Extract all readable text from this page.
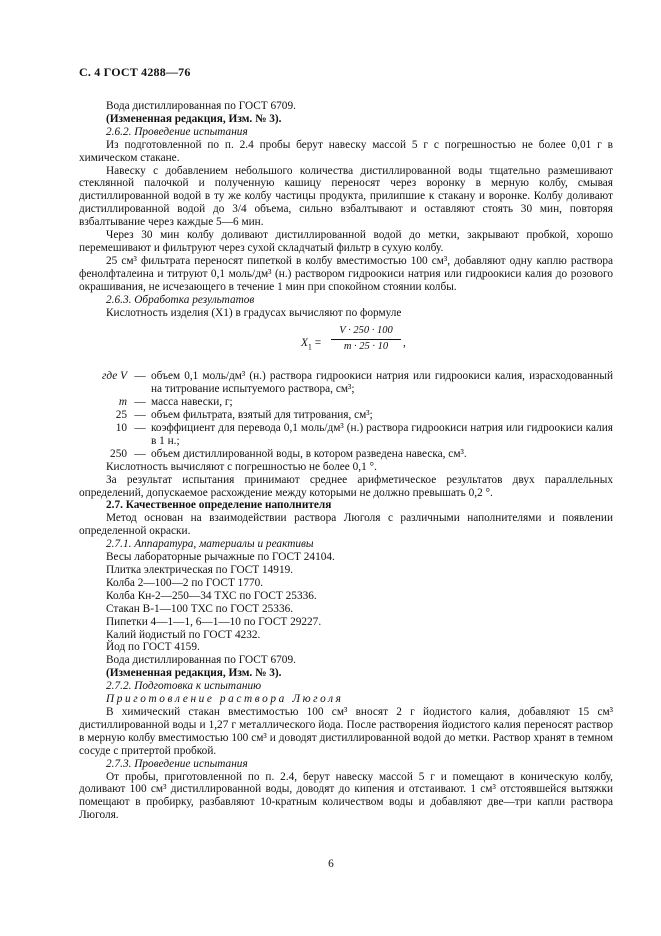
С. 4 ГОСТ 4288—76

Вода дистиллированная по ГОСТ 6709.

(Измененная редакция, Изм. № 3).

2.6.2. Проведение испытания

Из подготовленной по п. 2.4 пробы берут навеску массой 5 г с погрешностью не более 0,01 г в химическом стакане.

Навеску с добавлением небольшого количества дистиллированной воды тщательно размешивают стеклянной палочкой и полученную кашицу переносят через воронку в мерную колбу, смывая дистиллированной водой в ту же колбу частицы продукта, прилипшие к стакану и воронке. Колбу доливают дистиллированной водой до 3/4 объема, сильно взбалтывают и оставляют стоять 30 мин, повторяя взбалтывание через каждые 5—6 мин.

Через 30 мин колбу доливают дистиллированной водой до метки, закрывают пробкой, хорошо перемешивают и фильтруют через сухой складчатый фильтр в сухую колбу.

25 см³ фильтрата переносят пипеткой в колбу вместимостью 100 см³, добавляют одну каплю раствора фенолфталеина и титруют 0,1 моль/дм³ (н.) раствором гидроокиси натрия или гидроокиси калия до розового окрашивания, не исчезающего в течение 1 мин при спокойном стоянии колбы.

2.6.3. Обработка результатов

Кислотность изделия (X1) в градусах вычисляют по формуле

$X_1 = \frac{V \cdot 250 \cdot 100}{m \cdot 25 \cdot 10}$ ,
где V — объем 0,1 моль/дм³ (н.) раствора гидроокиси натрия или гидроокиси калия, израсходованный на титрование испытуемого раствора, см³;
m — масса навески, г;
25 — объем фильтрата, взятый для титрования, см³;
10 — коэффициент для перевода 0,1 моль/дм³ (н.) раствора гидроокиси натрия или гидроокиси калия в 1 н.;
250 — объем дистиллированной воды, в котором разведена навеска, см³.

Кислотность вычисляют с погрешностью не более 0,1 °.

За результат испытания принимают среднее арифметическое результатов двух параллельных определений, допускаемое расхождение между которыми не должно превышать 0,2 °.

2.7. Качественное определение наполнителя

Метод основан на взаимодействии раствора Люголя с различными наполнителями и появлении определенной окраски.

2.7.1. Аппаратура, материалы и реактивы

Весы лабораторные рычажные по ГОСТ 24104.

Плитка электрическая по ГОСТ 14919.

Колба 2—100—2 по ГОСТ 1770.

Колба Кн-2—250—34 ТХС по ГОСТ 25336.

Стакан В-1—100 ТХС по ГОСТ 25336.

Пипетки 4—1—1, 6—1—10 по ГОСТ 29227.

Калий йодистый по ГОСТ 4232.

Йод по ГОСТ 4159.

Вода дистиллированная по ГОСТ 6709.

(Измененная редакция, Изм. № 3).

2.7.2. Подготовка к испытанию

Приготовление раствора Люголя

В химический стакан вместимостью 100 см³ вносят 2 г йодистого калия, добавляют 15 см³ дистиллированной воды и 1,27 г металлического йода. После растворения йодистого калия переносят раствор в мерную колбу вместимостью 100 см³ и доводят дистиллированной водой до метки. Раствор хранят в темном сосуде с притертой пробкой.

2.7.3. Проведение испытания

От пробы, приготовленной по п. 2.4, берут навеску массой 5 г и помещают в коническую колбу, доливают 100 см³ дистиллированной воды, доводят до кипения и отстаивают. 1 см³ отстоявшейся вытяжки помещают в пробирку, разбавляют 10-кратным количеством воды и добавляют две—три капли раствора Люголя.

6
